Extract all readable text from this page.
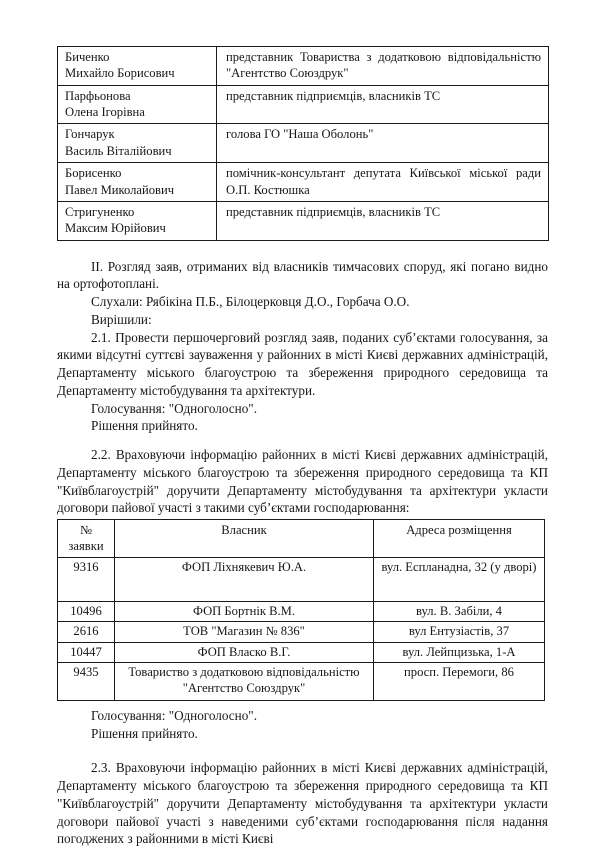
Биченко
Михайло Борисович	представник Товариства з додатковою відповідальністю "Агентство Союздрук"
Парфьонова
Олена Ігорівна	представник підприємців, власників ТС
Гончарук
Василь Віталійович	голова ГО "Наша Оболонь"
Борисенко
Павел Миколайович	помічник-консультант депутата Київської міської ради О.П. Костюшка
Стригуненко
Максим Юрійович	представник підприємців, власників ТС

II. Розгляд заяв, отриманих від власників тимчасових споруд, які погано видно на ортофотоплані.

Слухали: Рябікіна П.Б., Білоцерковця Д.О., Горбача О.О.

Вирішили:

2.1. Провести першочерговий розгляд заяв, поданих суб’єктами голосування, за якими відсутні суттєві зауваження у районних в місті Києві державних адміністрацій, Департаменту міського благоустрою та збереження природного середовища та Департаменту містобудування та архітектури.

Голосування: "Одноголосно".

Рішення прийнято.

2.2. Враховуючи інформацію районних в місті Києві державних адміністрацій, Департаменту міського благоустрою та збереження природного середовища та КП "Київблагоустрій" доручити Департаменту містобудування та архітектури укласти договори пайової участі з такими суб’єктами господарювання:

№
заявки	Власник	Адреса розміщення
9316	ФОП Ліхнякевич Ю.А.	вул. Еспланадна, 32 (у дворі)
10496	ФОП Бортнік В.М.	вул. В. Забіли, 4
2616	ТОВ "Магазин № 836"	вул Ентузіастів, 37
10447	ФОП Власко В.Г.	вул. Лейпцизька, 1-А
9435	Товариство з додатковою відповідальністю "Агентство Союздрук"	просп. Перемоги, 86

Голосування: "Одноголосно".

Рішення прийнято.

2.3. Враховуючи інформацію районних в місті Києві державних адміністрацій, Департаменту міського благоустрою та збереження природного середовища та КП "Київблагоустрій" доручити Департаменту містобудування та архітектури укласти договори пайової участі з наведеними суб’єктами господарювання після надання погоджених з районними в місті Києві
